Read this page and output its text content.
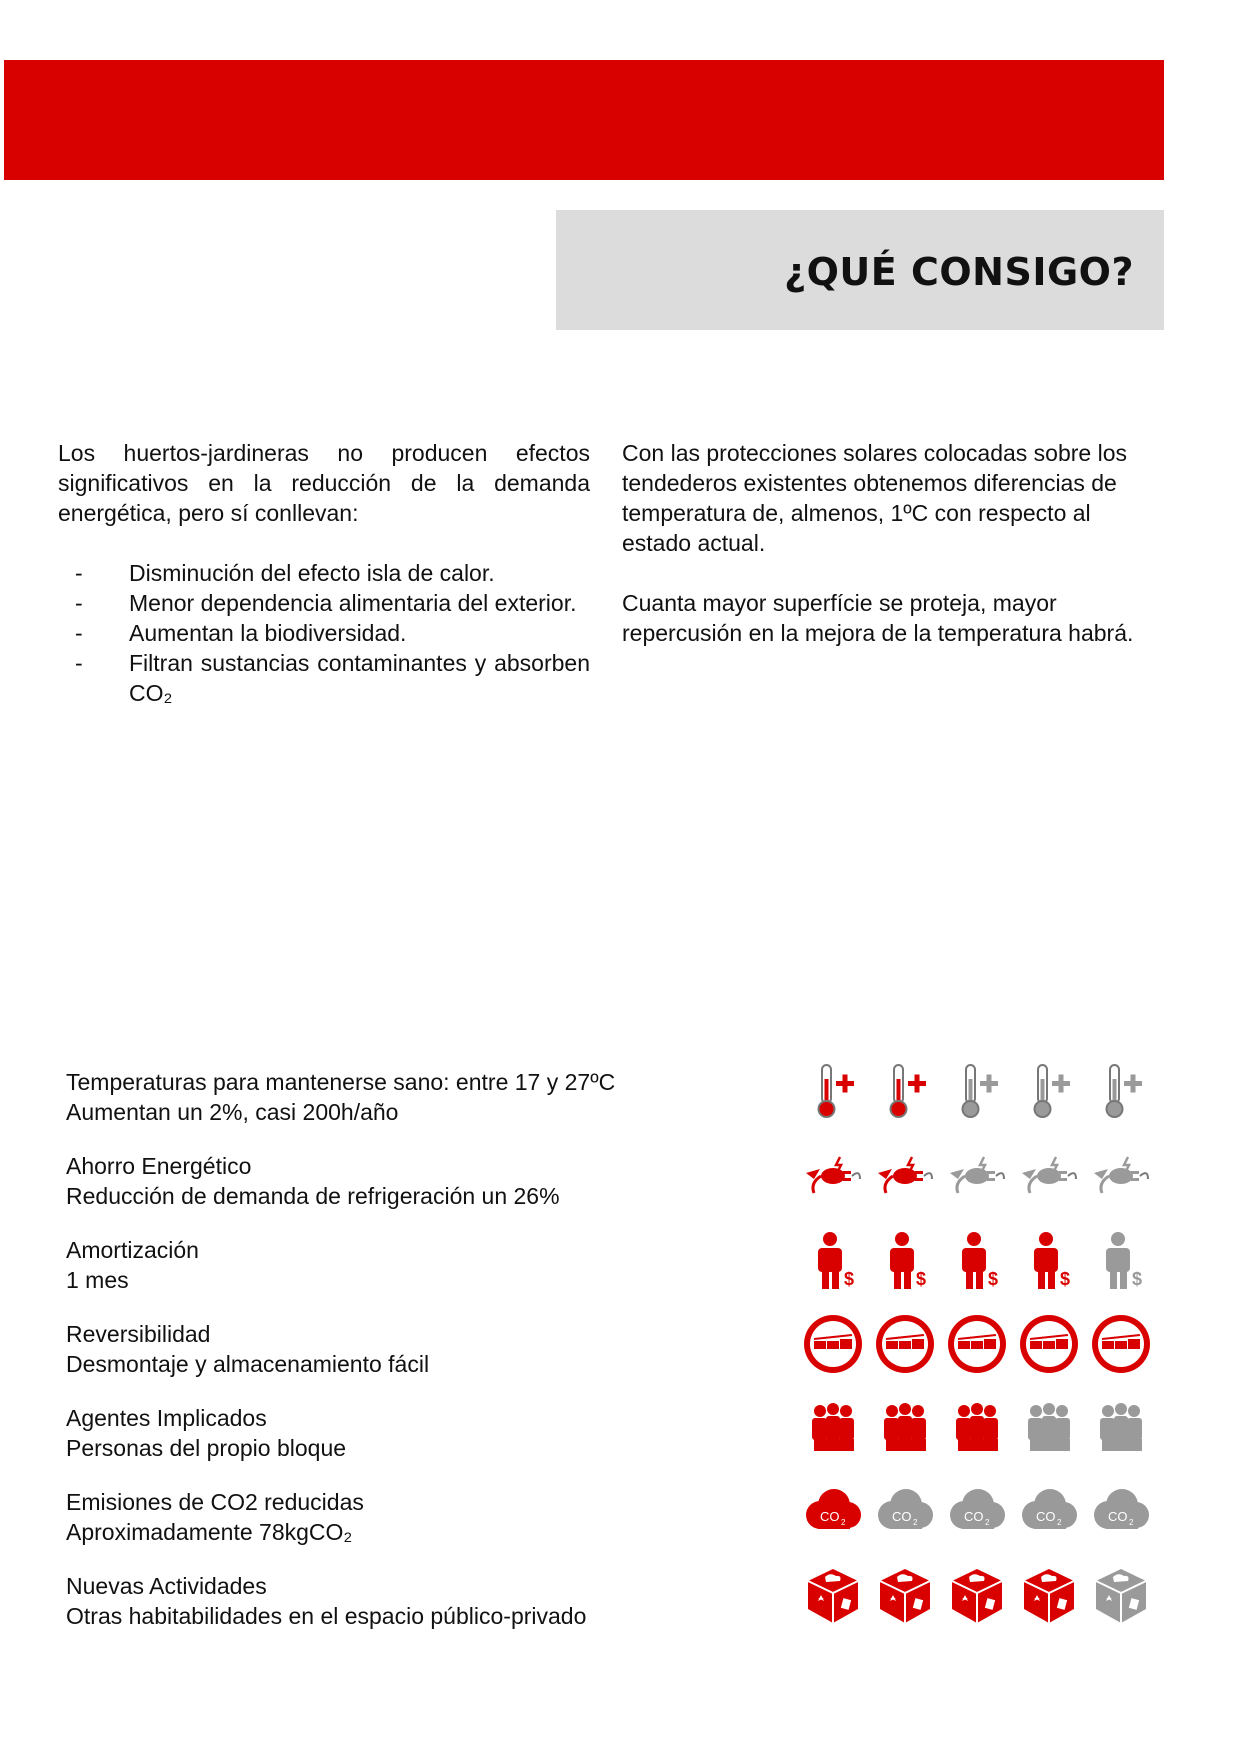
¿QUÉ CONSIGO?

Los huertos-jardineras no producen efectos significativos en la reducción de la demanda energética, pero sí conllevan:

- Disminución del efecto isla de calor.
- Menor dependencia alimentaria del exterior.
- Aumentan la biodiversidad.
- Filtran sustancias contaminantes y absorben CO₂

Con las protecciones solares colocadas sobre los tendederos existentes obtenemos diferencias de temperatura de, almenos, 1ºC con respecto al estado actual.

Cuanta mayor superfície se proteja, mayor repercusión en la mejora de la temperatura habrá.

Temperaturas para mantenerse sano: entre 17 y 27ºC
Aumentan un 2%, casi 200h/año
Ahorro Energético
Reducción de demanda de refrigeración un 26%
Amortización
1 mes	$	$	$	$	$
Reversibilidad
Desmontaje y almacenamiento fácil
Agentes Implicados
Personas del propio bloque
Emisiones de CO2 reducidas
Aproximadamente 78kgCO₂
CO 2	CO 2	CO 2	CO 2	CO 2
Nuevas Actividades
Otras habitabilidades en el espacio público-privado
